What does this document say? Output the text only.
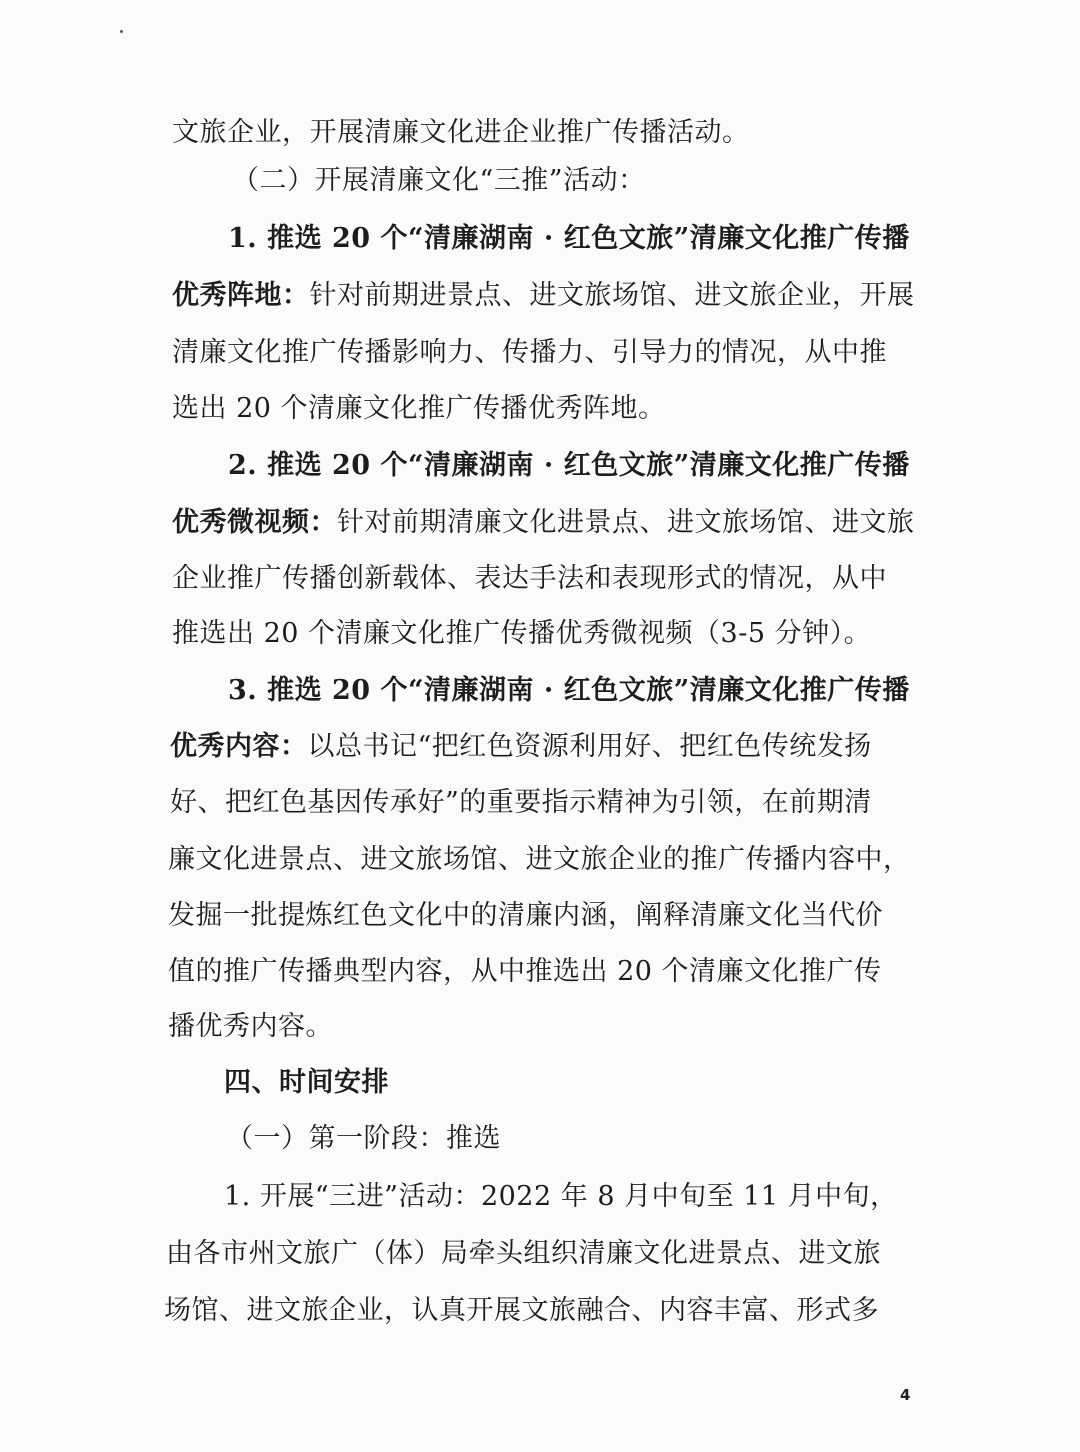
文旅企业，开展清廉文化进企业推广传播活动。
（二）开展清廉文化“三推”活动：
1. 推选 20 个“清廉湖南 · 红色文旅”清廉文化推广传播
优秀阵地：针对前期进景点、进文旅场馆、进文旅企业，开展
清廉文化推广传播影响力、传播力、引导力的情况，从中推
选出 20 个清廉文化推广传播优秀阵地。
2. 推选 20 个“清廉湖南 · 红色文旅”清廉文化推广传播
优秀微视频：针对前期清廉文化进景点、进文旅场馆、进文旅
企业推广传播创新载体、表达手法和表现形式的情况，从中
推选出 20 个清廉文化推广传播优秀微视频（3-5 分钟）。
3. 推选 20 个“清廉湖南 · 红色文旅”清廉文化推广传播
优秀内容：以总书记“把红色资源利用好、把红色传统发扬
好、把红色基因传承好”的重要指示精神为引领，在前期清
廉文化进景点、进文旅场馆、进文旅企业的推广传播内容中，
发掘一批提炼红色文化中的清廉内涵，阐释清廉文化当代价
值的推广传播典型内容，从中推选出 20 个清廉文化推广传
播优秀内容。
四、时间安排
（一）第一阶段：推选
1. 开展“三进”活动：2022 年 8 月中旬至 11 月中旬，
由各市州文旅广（体）局牵头组织清廉文化进景点、进文旅
场馆、进文旅企业，认真开展文旅融合、内容丰富、形式多
4
